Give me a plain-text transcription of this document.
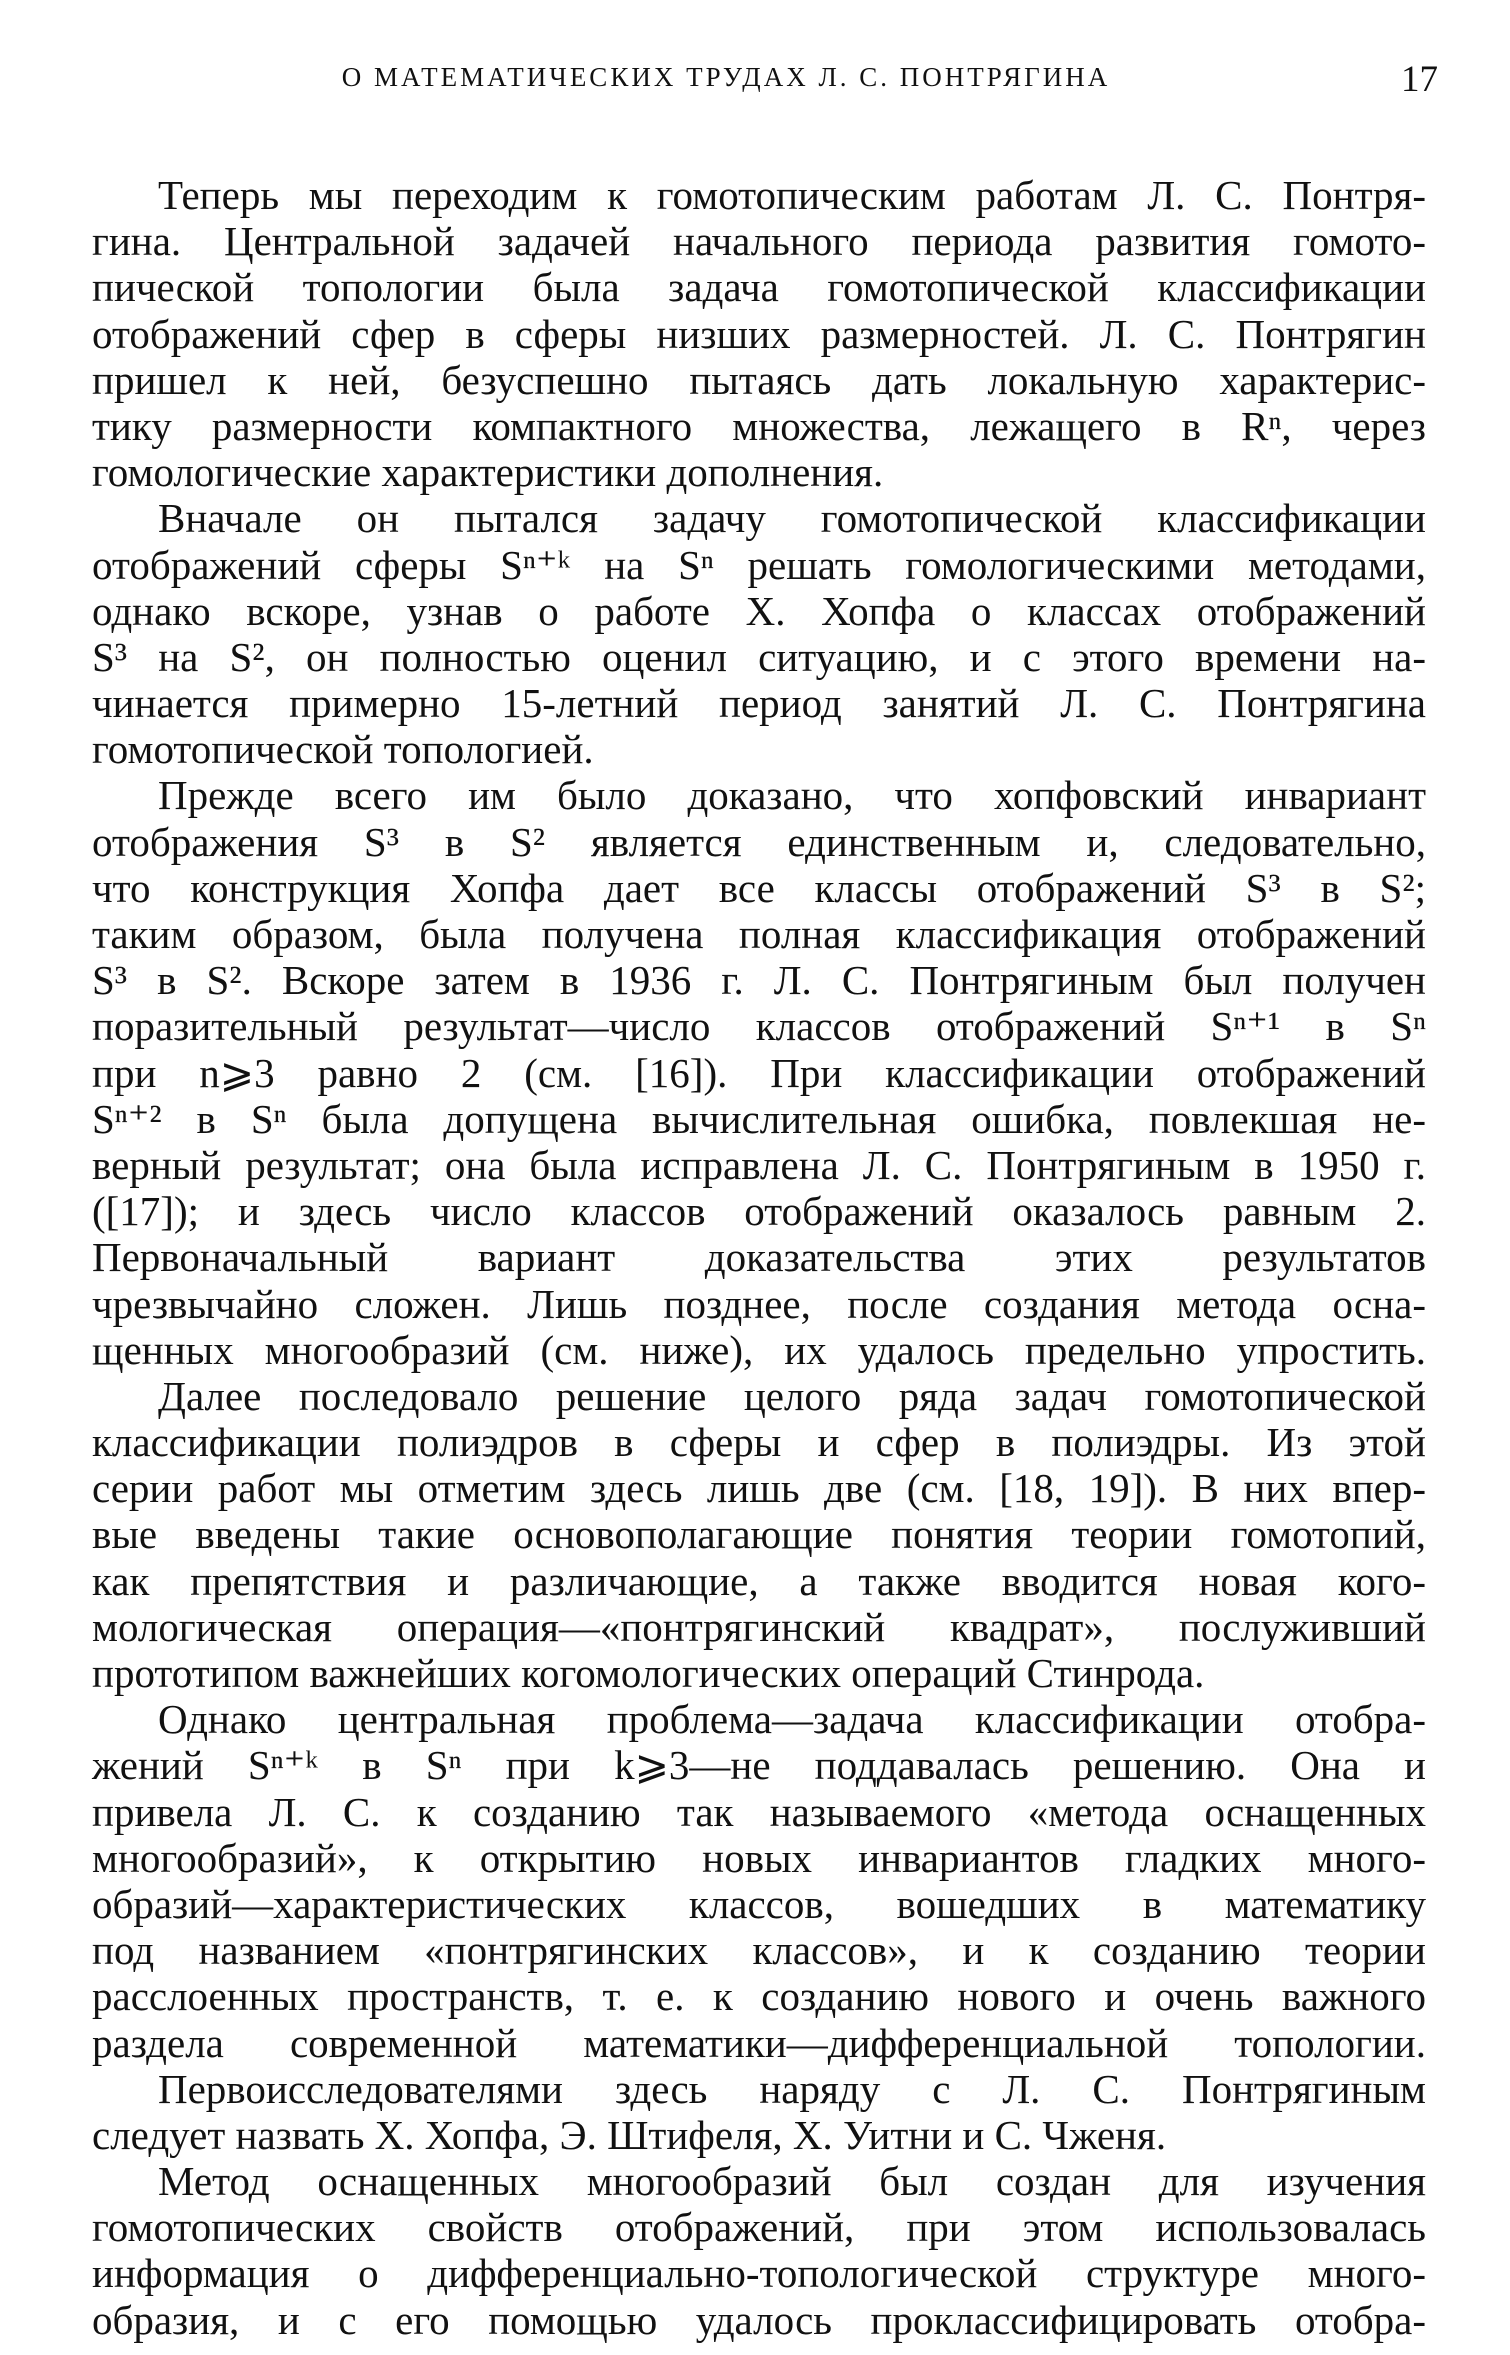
О МАТЕМАТИЧЕСКИХ ТРУДАХ Л. С. ПОНТРЯГИНА	17
Теперь мы переходим к гомотопическим работам Л. С. Понтря-
гина. Центральной задачей начального периода развития гомото-
пической топологии была задача гомотопической классификации
отображений сфер в сферы низших размерностей. Л. С. Понтрягин
пришел к ней, безуспешно пытаясь дать локальную характерис-
тику размерности компактного множества, лежащего в Rⁿ, через
гомологические характеристики дополнения.
Вначале он пытался задачу гомотопической классификации
отображений сферы Sⁿ⁺ᵏ на Sⁿ решать гомологическими методами,
однако вскоре, узнав о работе X. Хопфа о классах отображений
S³ на S², он полностью оценил ситуацию, и с этого времени на-
чинается примерно 15-летний период занятий Л. С. Понтрягина
гомотопической топологией.
Прежде всего им было доказано, что хопфовский инвариант
отображения S³ в S² является единственным и, следовательно,
что конструкция Хопфа дает все классы отображений S³ в S²;
таким образом, была получена полная классификация отображений
S³ в S². Вскоре затем в 1936 г. Л. С. Понтрягиным был получен
поразительный результат—число классов отображений Sⁿ⁺¹ в Sⁿ
при n⩾3 равно 2 (см. [16]). При классификации отображений
Sⁿ⁺² в Sⁿ была допущена вычислительная ошибка, повлекшая не-
верный результат; она была исправлена Л. С. Понтрягиным в 1950 г.
([17]); и здесь число классов отображений оказалось равным 2.
Первоначальный вариант доказательства этих результатов
чрезвычайно сложен. Лишь позднее, после создания метода осна-
щенных многообразий (см. ниже), их удалось предельно упростить.
Далее последовало решение целого ряда задач гомотопической
классификации полиэдров в сферы и сфер в полиэдры. Из этой
серии работ мы отметим здесь лишь две (см. [18, 19]). В них впер-
вые введены такие основополагающие понятия теории гомотопий,
как препятствия и различающие, а также вводится новая кого-
мологическая операция—«понтрягинский квадрат», послуживший
прототипом важнейших когомологических операций Стинрода.
Однако центральная проблема—задача классификации отобра-
жений Sⁿ⁺ᵏ в Sⁿ при k⩾3—не поддавалась решению. Она и
привела Л. С. к созданию так называемого «метода оснащенных
многообразий», к открытию новых инвариантов гладких много-
образий—характеристических классов, вошедших в математику
под названием «понтрягинских классов», и к созданию теории
расслоенных пространств, т. е. к созданию нового и очень важного
раздела современной математики—дифференциальной топологии.
Первоисследователями здесь наряду с Л. С. Понтрягиным
следует назвать Х. Хопфа, Э. Штифеля, Х. Уитни и С. Чженя.
Метод оснащенных многообразий был создан для изучения
гомотопических свойств отображений, при этом использовалась
информация о дифференциально-топологической структуре много-
образия, и с его помощью удалось проклассифицировать отобра-
